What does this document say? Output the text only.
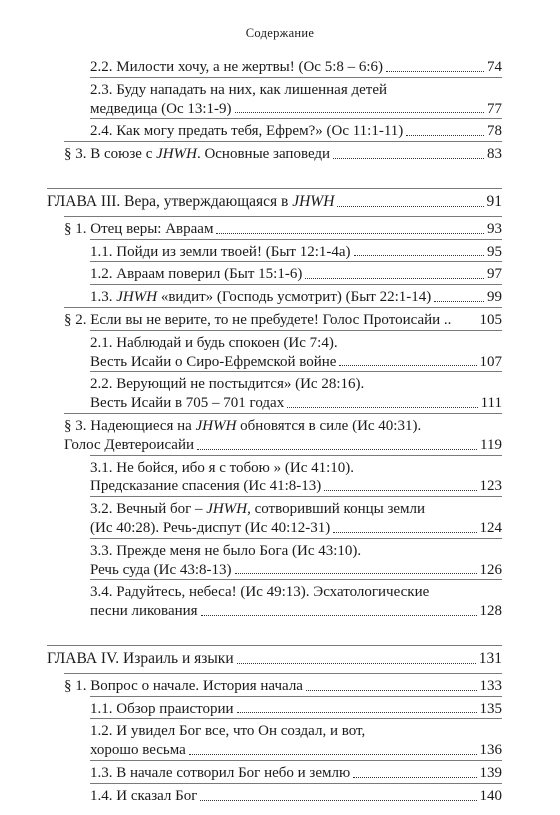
Содержание
2.2. Милости хочу, а не жертвы! (Ос 5:8 – 6:6)	74
2.3. Буду нападать на них, как лишенная детей
медведица (Ос 13:1-9)	77
2.4. Как могу предать тебя, Ефрем?» (Ос 11:1-11)	78
§ 3. В союзе с JHWH. Основные заповеди	83
ГЛАВА III. Вера, утверждающаяся в JHWH	91
§ 1. Отец веры: Авраам	93
1.1. Пойди из земли твоей! (Быт 12:1-4а)	95
1.2. Авраам поверил (Быт 15:1-6)	97
1.3. JHWH «видит» (Господь усмотрит) (Быт 22:1-14)	99
§ 2. Если вы не верите, то не пребудете! Голос Протоисайи .. 105
2.1. Наблюдай и будь спокоен (Ис 7:4).
Весть Исайи о Сиро-Ефремской войне	107
2.2. Верующий не постыдится» (Ис 28:16).
Весть Исайи в 705 – 701 годах	111
§ 3. Надеющиеся на JHWH обновятся в силе (Ис 40:31).
Голос Девтероисайи	119
3.1. Не бойся, ибо я с тобою » (Ис 41:10).
Предсказание спасения (Ис 41:8-13)	123
3.2. Вечный бог – JHWH, сотворивший концы земли
(Ис 40:28). Речь-диспут (Ис 40:12-31)	124
3.3. Прежде меня не было Бога (Ис 43:10).
Речь суда (Ис 43:8-13)	126
3.4. Радуйтесь, небеса! (Ис 49:13). Эсхатологические
песни ликования	128
ГЛАВА IV. Израиль и языки	131
§ 1. Вопрос о начале. История начала	133
1.1. Обзор праистории	135
1.2. И увидел Бог все, что Он создал, и вот,
хорошо весьма	136
1.3. В начале сотворил Бог небо и землю	139
1.4. И сказал Бог	140
